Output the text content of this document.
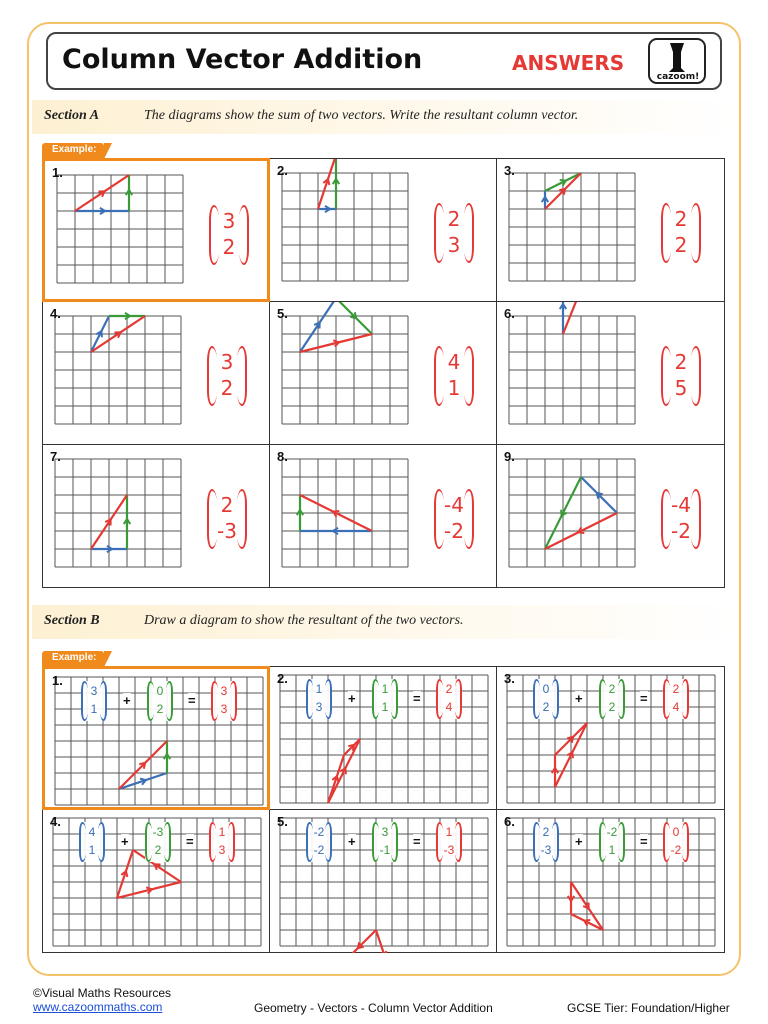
Column Vector Addition	ANSWERS
cazoom!
Section A	The diagrams show the sum of two vectors. Write the resultant column vector.
Example:
1.
3
2
2.
2
3
3.
2
2
4.
3
2
5.
4
1
6.
2
5
7.
2
-3
8.
-4
-2
9.
-4
-2
Section B	Draw a diagram to show the resultant of the two vectors.
Example:
1.
3
1
+
0
2
=
3
3
2.
1
3
+
1
1
=
2
4
3.
0
2
+
2
2
=
2
4
4.
4
1
+
-3
2
=
1
3
5.
-2
-2
+
3
-1
=
1
-3
6.
2
-3
+
-2
1
=
0
-2
©Visual Maths Resources
www.cazoommaths.com	Geometry - Vectors - Column Vector Addition	GCSE Tier: Foundation/Higher
